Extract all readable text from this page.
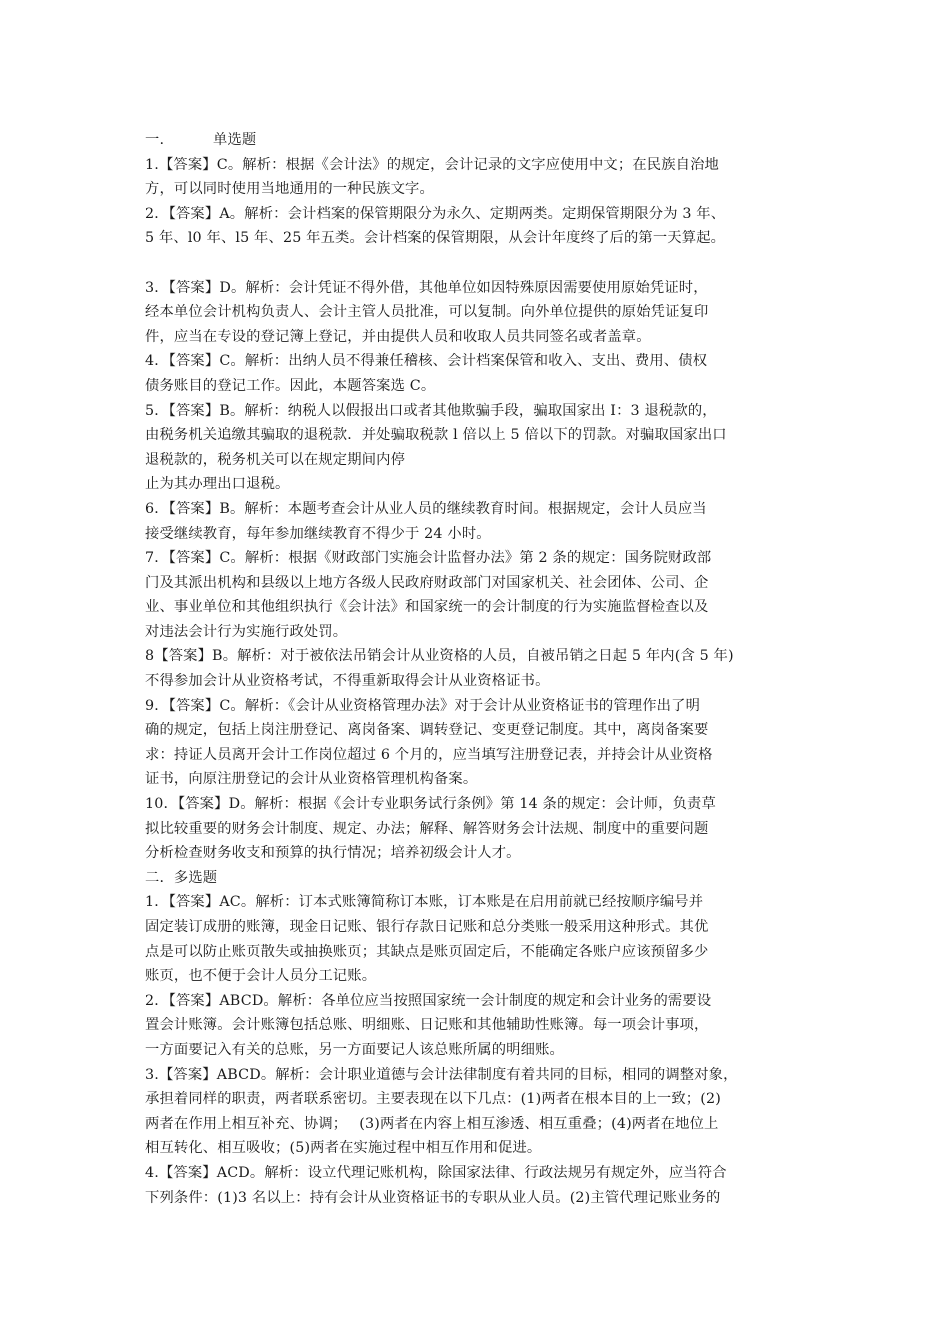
一.	单选题
1.【答案】C。解析：根据《会计法》的规定，会计记录的文字应使用中文；在民族自治地
方，可以同时使用当地通用的一种民族文字。
2．【答案】A。解析：会计档案的保管期限分为永久、定期两类。定期保管期限分为 3 年、
5 年、l0 年、l5 年、25 年五类。会计档案的保管期限，从会计年度终了后的第一天算起。
3．【答案】D。解析：会计凭证不得外借，其他单位如因特殊原因需要使用原始凭证时，
经本单位会计机构负责人、会计主管人员批准，可以复制。向外单位提供的原始凭证复印
件，应当在专设的登记簿上登记，并由提供人员和收取人员共同签名或者盖章。
4．【答案】C。解析：出纳人员不得兼任稽核、会计档案保管和收入、支出、费用、债权
债务账目的登记工作。因此，本题答案选 C。
5．【答案】B。解析：纳税人以假报出口或者其他欺骗手段，骗取国家出 I：3 退税款的，
由税务机关追缴其骗取的退税款．并处骗取税款 l 倍以上 5 倍以下的罚款。对骗取国家出口
退税款的，税务机关可以在规定期间内停
止为其办理出口退税。
6．【答案】B。解析：本题考查会计从业人员的继续教育时间。根据规定，会计人员应当
接受继续教育，每年参加继续教育不得少于 24 小时。
7．【答案】C。解析：根据《财政部门实施会计监督办法》第 2 条的规定：国务院财政部
门及其派出机构和县级以上地方各级人民政府财政部门对国家机关、社会团体、公司、企
业、事业单位和其他组织执行《会计法》和国家统一的会计制度的行为实施监督检查以及
对违法会计行为实施行政处罚。
8【答案】B。解析：对于被依法吊销会计从业资格的人员，自被吊销之日起 5 年内(含 5 年)
不得参加会计从业资格考试，不得重新取得会计从业资格证书。
9．【答案】C。解析：《会计从业资格管理办法》对于会计从业资格证书的管理作出了明
确的规定，包括上岗注册登记、离岗备案、调转登记、变更登记制度。其中，离岗备案要
求：持证人员离开会计工作岗位超过 6 个月的，应当填写注册登记表，并持会计从业资格
证书，向原注册登记的会计从业资格管理机构备案。
10．【答案】D。解析：根据《会计专业职务试行条例》第 14 条的规定：会计师，负责草
拟比较重要的财务会计制度、规定、办法；解释、解答财务会计法规、制度中的重要问题
分析检查财务收支和预算的执行情况；培养初级会计人才。
二．多选题
1．【答案】AC。解析：订本式账簿简称订本账，订本账是在启用前就已经按顺序编号并
固定装订成册的账簿，现金日记账、银行存款日记账和总分类账一般采用这种形式。其优
点是可以防止账页散失或抽换账页；其缺点是账页固定后，不能确定各账户应该预留多少
账页，也不便于会计人员分工记账。
2．【答案】ABCD。解析：各单位应当按照国家统一会计制度的规定和会计业务的需要设
置会计账簿。会计账簿包括总账、明细账、日记账和其他辅助性账簿。每一项会计事项，
一方面要记入有关的总账，另一方面要记人该总账所属的明细账。
3.【答案】ABCD。解析：会计职业道德与会计法律制度有着共同的目标，相同的调整对象，
承担着同样的职责，两者联系密切。主要表现在以下几点：(1)两者在根本目的上一致；(2)
两者在作用上相互补充、协调；　 (3)两者在内容上相互渗透、相互重叠；(4)两者在地位上
相互转化、相互吸收；(5)两者在实施过程中相互作用和促进。
4.【答案】ACD。解析：设立代理记账机构，除国家法律、行政法规另有规定外，应当符合
下列条件：(1)3 名以上：持有会计从业资格证书的专职从业人员。(2)主管代理记账业务的
